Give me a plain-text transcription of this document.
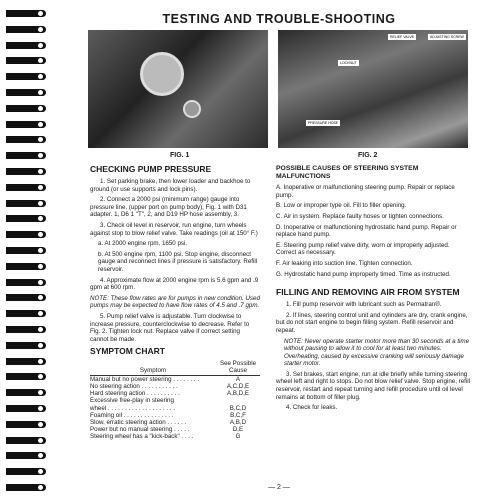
TESTING AND TROUBLE-SHOOTING
FIG. 1
RELIEF VALVE	ADJUSTING SCREW
LOCKNUT
PRESSURE HOSE
FIG. 2
CHECKING PUMP PRESSURE
1. Set parking brake, then lower loader and backhoe to ground (or use supports and lock pins).
2. Connect a 2000 psi (minimum range) gauge into pressure line, (upper port on pump body), Fig. 1 with D31 adapter. 1, D6 1 "T", 2, and D19 HP hose assembly, 3.
3. Check oil level in reservoir, run engine, turn wheels against stop to blow relief valve. Take readings (oil at 150° F.)
a. At 2000 engine rpm, 1650 psi.
b. At 500 engine rpm, 1100 psi. Stop engine, disconnect gauge and reconnect lines if pressure is satisfactory. Refill reservoir.
4. Approximate flow at 2000 engine rpm is 5.6 gpm and .9 gpm at 600 rpm.
NOTE: These flow rates are for pumps in new condition. Used pumps may be expected to have flow rates of 4.5 and .7 gpm.
5. Pump relief valve is adjustable. Turn clockwise to increase pressure, counterclockwise to decrease. Refer to Fig. 2. Tighten lock nut. Replace valve if correct setting cannot be made.
SYMPTOM CHART
Symptom	See Possible Cause

Manual but no power steering . . . . . . . .	A
No steering action . . . . . . . . . . .	A,C,D,E
Hard steering action . . . . . . . . . .	A,B,D,E
Excessive free-play in steering	
wheel . . . . . . . . . . . . . . . . . . . .	B,C,D
Foaming oil . . . . . . . . . . . . . . .	B,C,F
Slow, erratic steering action . . . . . .	A,B,D
Power but no manual steering . . . . .	D,E
Steering wheel has a "kick-back" . . . .	G
POSSIBLE CAUSES OF STEERING SYSTEM MALFUNCTIONS
A. Inoperative or malfunctioning steering pump. Repair or replace pump.
B. Low or improper type oil. Fill to filler opening.
C. Air in system. Replace faulty hoses or tighten connections.
D. Inoperative or malfunctioning hydrostatic hand pump. Repair or replace hand pump.
E. Steering pump relief valve dirty, worn or improperly adjusted. Correct as necessary.
F. Air leaking into suction line. Tighten connection.
G. Hydrostatic hand pump improperly timed. Time as instructed.
FILLING AND REMOVING AIR FROM SYSTEM
1. Fill pump reservoir with lubricant such as Permatran®.
2. If lines, steering control unit and cylinders are dry, crank engine, but do not start engine to begin filling system. Refill reservoir and repeat.
NOTE: Never operate starter motor more than 30 seconds at a time without pausing to allow it to cool for at least two minutes. Overheating, caused by excessive cranking will seriously damage starter motor.
3. Set brakes, start engine, run at idle briefly while turning steering wheel left and right to stops. Do not blow relief valve. Stop engine, refill reservoir, restart and repeat turning and refill procedure until oil level remains at bottom of filler plug.
4. Check for leaks.
— 2 —
